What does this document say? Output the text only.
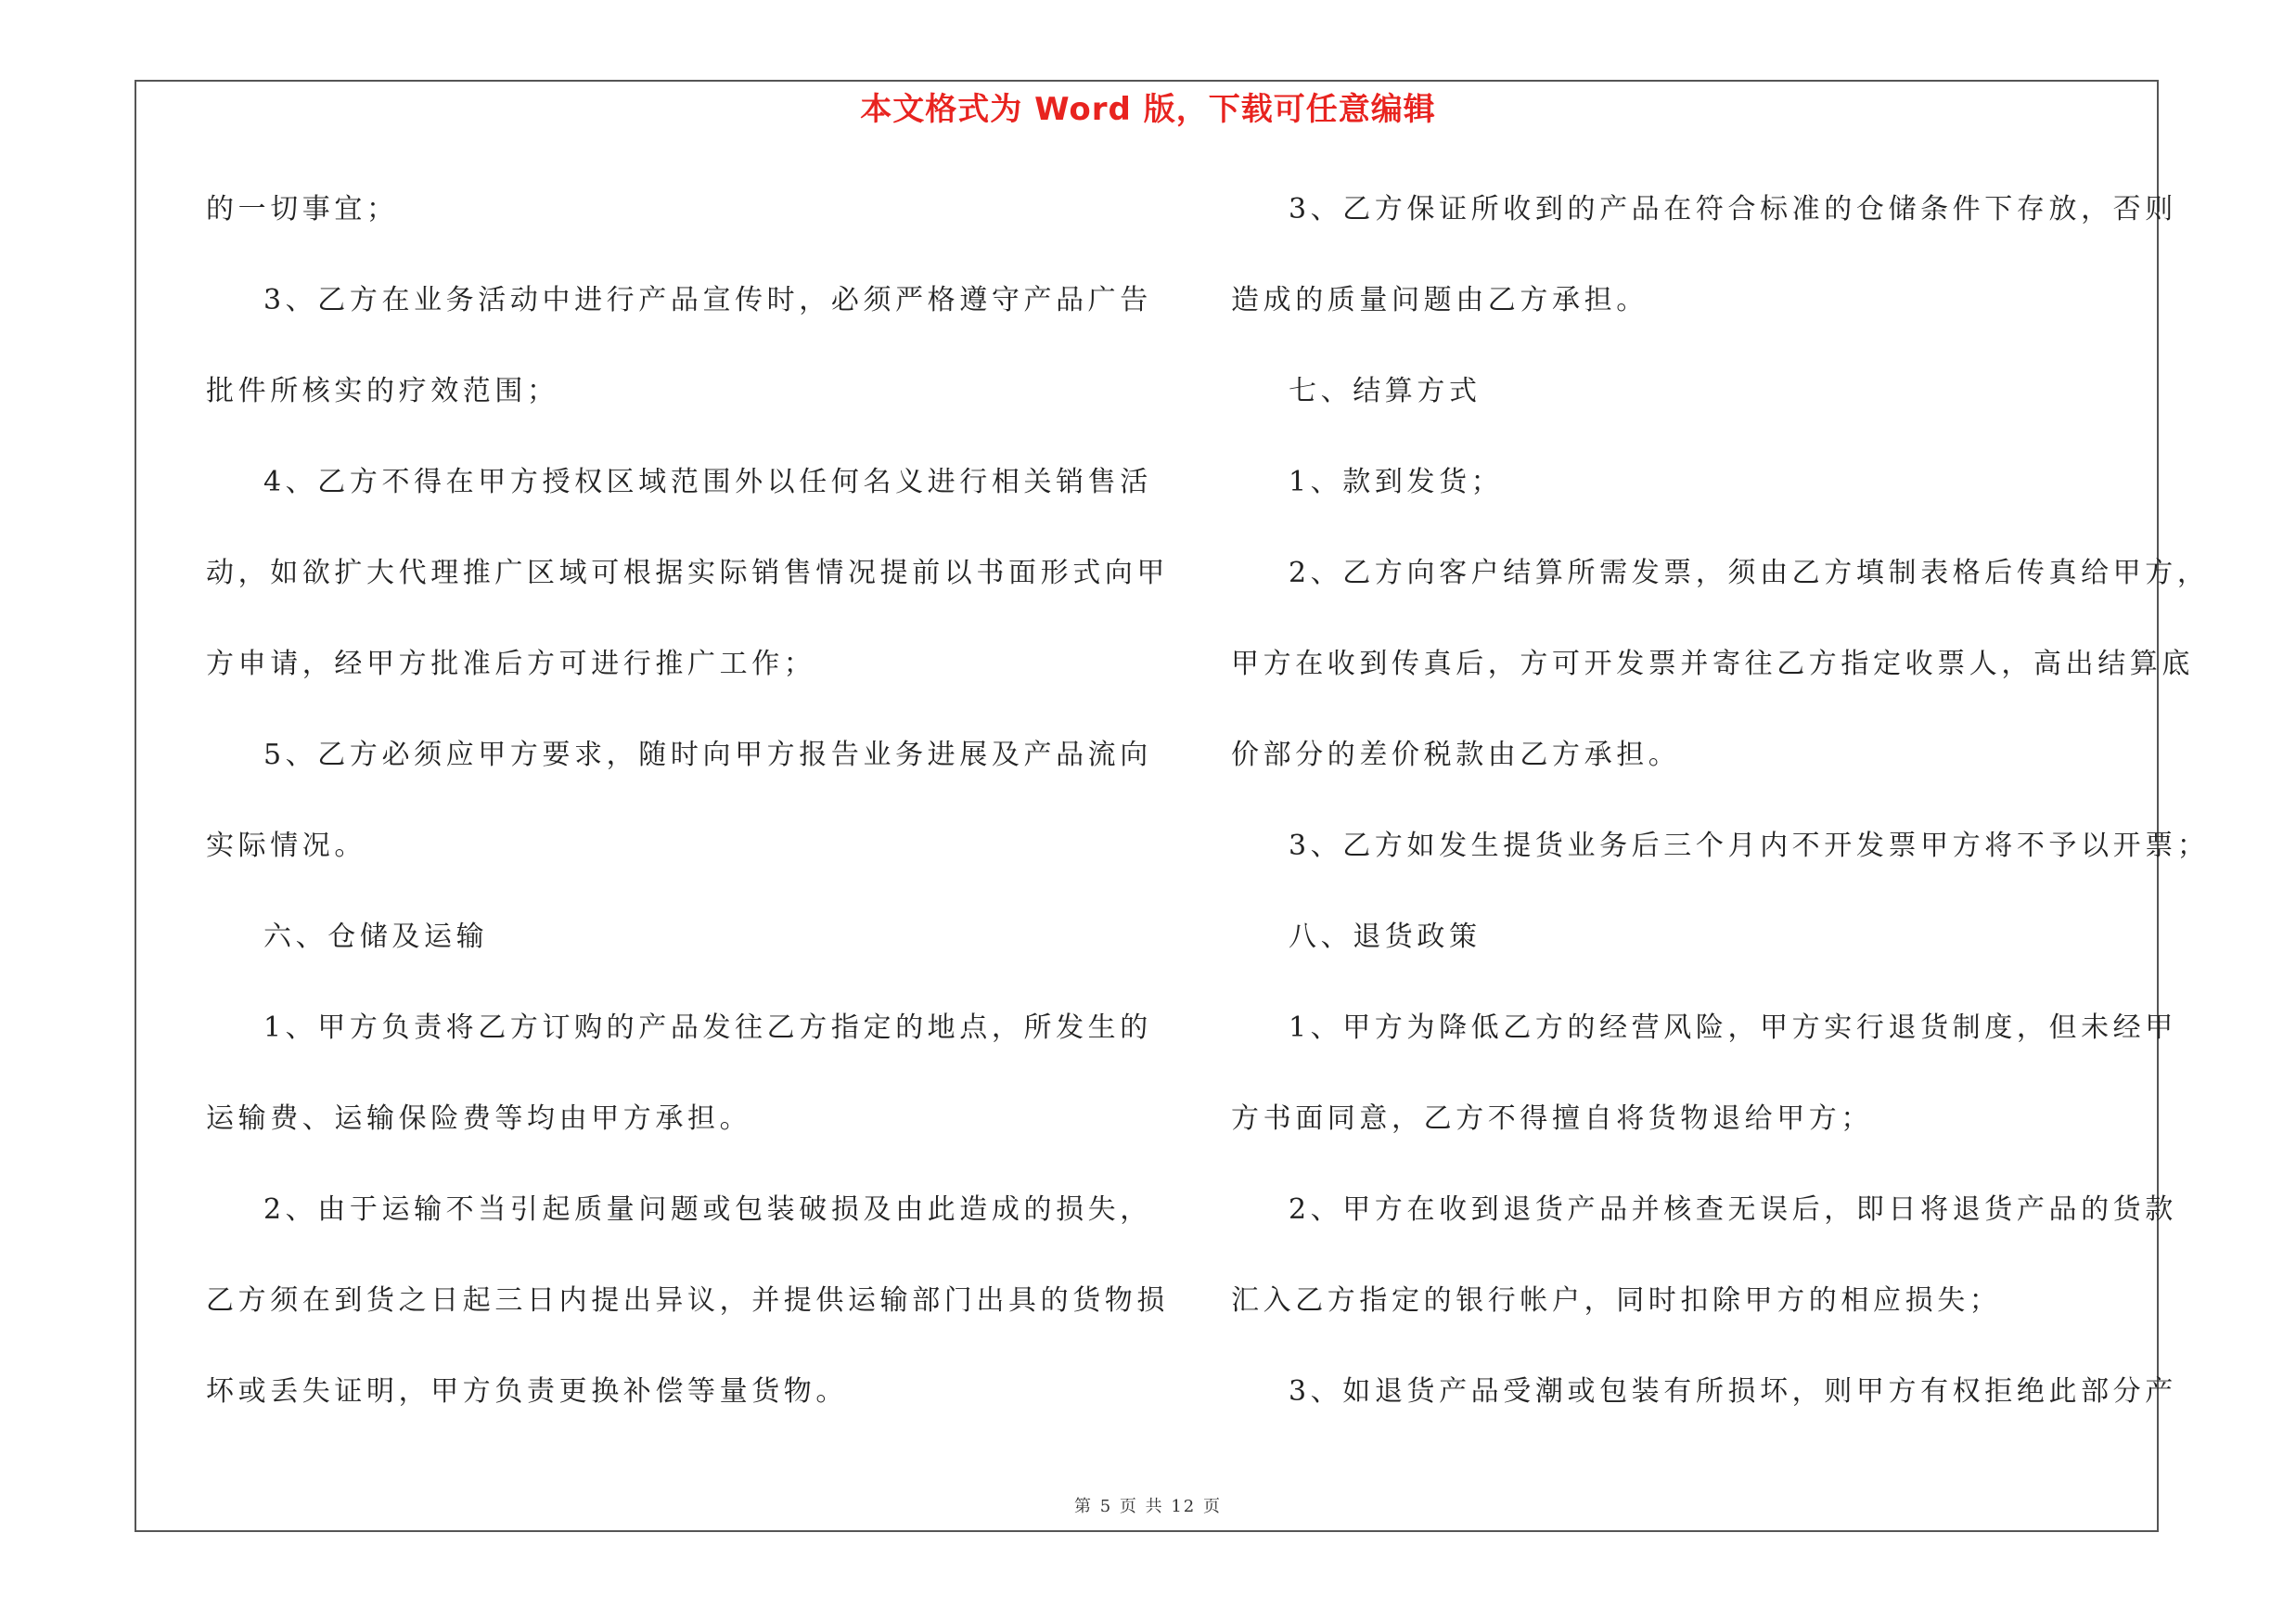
本文格式为 Word 版，下载可任意编辑
的一切事宜；
3、乙方在业务活动中进行产品宣传时，必须严格遵守产品广告
批件所核实的疗效范围；
4、乙方不得在甲方授权区域范围外以任何名义进行相关销售活
动，如欲扩大代理推广区域可根据实际销售情况提前以书面形式向甲
方申请，经甲方批准后方可进行推广工作；
5、乙方必须应甲方要求，随时向甲方报告业务进展及产品流向
实际情况。
六、仓储及运输
1、甲方负责将乙方订购的产品发往乙方指定的地点，所发生的
运输费、运输保险费等均由甲方承担。
2、由于运输不当引起质量问题或包装破损及由此造成的损失，
乙方须在到货之日起三日内提出异议，并提供运输部门出具的货物损
坏或丢失证明，甲方负责更换补偿等量货物。
3、乙方保证所收到的产品在符合标准的仓储条件下存放，否则
造成的质量问题由乙方承担。
七、结算方式
1、款到发货；
2、乙方向客户结算所需发票，须由乙方填制表格后传真给甲方，
甲方在收到传真后，方可开发票并寄往乙方指定收票人，高出结算底
价部分的差价税款由乙方承担。
3、乙方如发生提货业务后三个月内不开发票甲方将不予以开票；
八、退货政策
1、甲方为降低乙方的经营风险，甲方实行退货制度，但未经甲
方书面同意，乙方不得擅自将货物退给甲方；
2、甲方在收到退货产品并核查无误后，即日将退货产品的货款
汇入乙方指定的银行帐户，同时扣除甲方的相应损失；
3、如退货产品受潮或包装有所损坏，则甲方有权拒绝此部分产
第 5 页 共 12 页
